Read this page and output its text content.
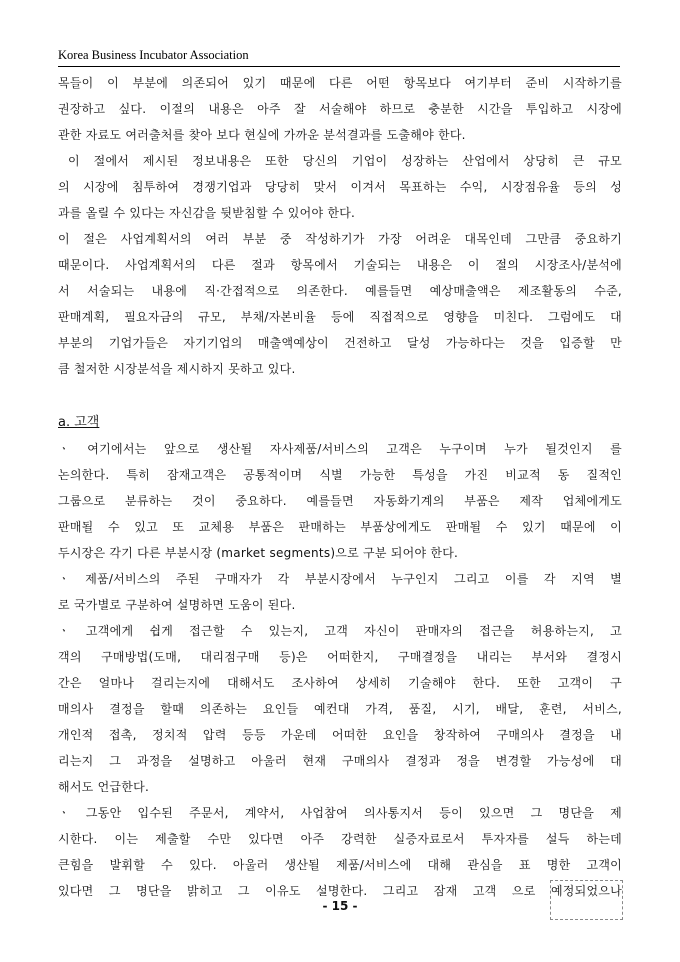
Korea Business Incubator Association
목들이 이 부분에 의존되어 있기 때문에 다른 어떤 항목보다 여기부터 준비 시작하기를
권장하고 싶다. 이절의 내용은 아주 잘 서술해야 하므로 충분한 시간을 투입하고 시장에
관한 자료도 여러출처를 찾아 보다 현실에 가까운 분석결과를 도출해야 한다.
이 절에서 제시된 정보내용은 또한 당신의 기업이 성장하는 산업에서 상당히 큰 규모
의 시장에 침투하여 경쟁기업과 당당히 맞서 이겨서 목표하는 수익, 시장점유율 등의 성
과를 올릴 수 있다는 자신감을 뒷받침할 수 있어야 한다.
이 절은 사업계획서의 여러 부분 중 작성하기가 가장 어려운 대목인데 그만큼 중요하기
때문이다. 사업계획서의 다른 절과 항목에서 기술되는 내용은 이 절의 시장조사/분석에
서 서술되는 내용에 직·간접적으로 의존한다. 예를들면 예상매출액은 제조활동의 수준,
판매계획, 필요자금의 규모, 부채/자본비율 등에 직접적으로 영향을 미친다. 그럼에도 대
부분의 기업가들은 자기기업의 매출액예상이 건전하고 달성 가능하다는 것을 입증할 만
큼 철저한 시장분석을 제시하지 못하고 있다.
a. 고객
ㆍ 여기에서는 앞으로 생산될 자사제품/서비스의 고객은 누구이며 누가 될것인지 를
논의한다. 특히 잠재고객은 공통적이며 식별 가능한 특성을 가진 비교적 동 질적인
그룹으로 분류하는 것이 중요하다. 예를들면 자동화기계의 부품은 제작 업체에게도
판매될 수 있고 또 교체용 부품은 판매하는 부품상에게도 판매될 수 있기 때문에 이
두시장은 각기 다른 부분시장 (market segments)으로 구분 되어야 한다.
ㆍ 제품/서비스의 주된 구매자가 각 부분시장에서 누구인지 그리고 이를 각 지역 별
로 국가별로 구분하여 설명하면 도움이 된다.
ㆍ 고객에게 쉽게 접근할 수 있는지, 고객 자신이 판매자의 접근을 허용하는지, 고
객의 구매방법(도매, 대리점구매 등)은 어떠한지, 구매결정을 내리는 부서와 결정시
간은 얼마나 걸리는지에 대해서도 조사하여 상세히 기술해야 한다. 또한 고객이 구
매의사 결정을 할때 의존하는 요인들 예컨대 가격, 품질, 시기, 배달, 훈련, 서비스,
개인적 접촉, 정치적 압력 등등 가운데 어떠한 요인을 창작하여 구매의사 결정을 내
리는지 그 과정을 설명하고 아울러 현재 구매의사 결정과 정을 변경할 가능성에 대
해서도 언급한다.
ㆍ 그동안 입수된 주문서, 계약서, 사업참여 의사통지서 등이 있으면 그 명단을 제
시한다. 이는 제출할 수만 있다면 아주 강력한 실증자료로서 투자자를 설득 하는데
큰힘을 발휘할 수 있다. 아울러 생산될 제품/서비스에 대해 관심을 표 명한 고객이
있다면 그 명단을 밝히고 그 이유도 설명한다. 그리고 잠재 고객 으로 예정되었으나
- 15 -
